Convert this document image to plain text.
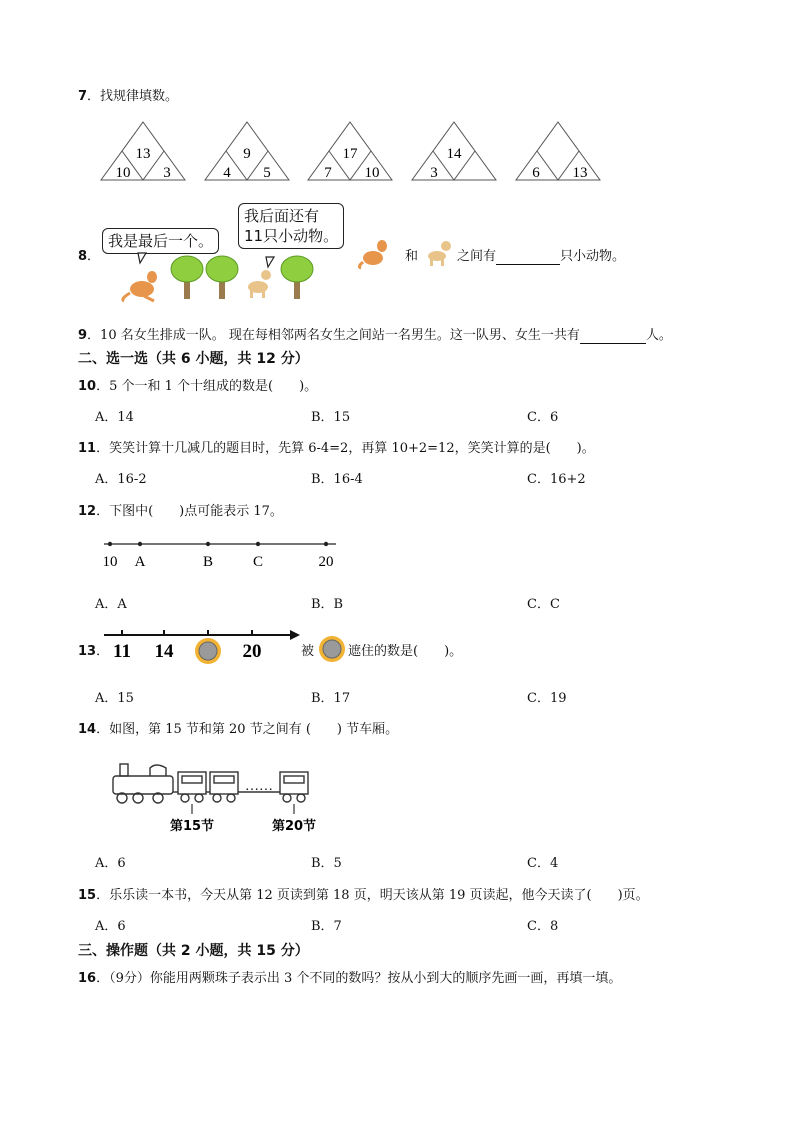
7．找规律填数。
13
10 3
9
4 5
17
7 10
14
3	6 13
8．
我是最后一个。
我后面还有
11只小动物。
和	之间有	只小动物。
9．10 名女生排成一队。 现在每相邻两名女生之间站一名男生。这一队男、女生一共有	人。
二、选一选（共 6 小题，共 12 分）
10．5 个一和 1 个十组成的数是(　　)。
A．14	B．15	C．6
11．笑笑计算十几减几的题目时，先算 6-4=2，再算 10+2=12，笑笑计算的是(　　)。
A．16-2	B．16-4	C．16+2
12．下图中(　　)点可能表示 17。
10 A	B	C	20
A．A	B．B	C．C
13． 11 14	20	被	遮住的数是(　　)。
A．15	B．17	C．19
14．如图，第 15 节和第 20 节之间有 (　　) 节车厢。
……
第15节	第20节
A．6	B．5	C．4
15．乐乐读一本书，今天从第 12 页读到第 18 页，明天该从第 19 页读起，他今天读了(　　)页。
A．6	B．7	C．8
三、操作题（共 2 小题，共 15 分）
16．（9分）你能用两颗珠子表示出 3 个不同的数吗？按从小到大的顺序先画一画，再填一填。
